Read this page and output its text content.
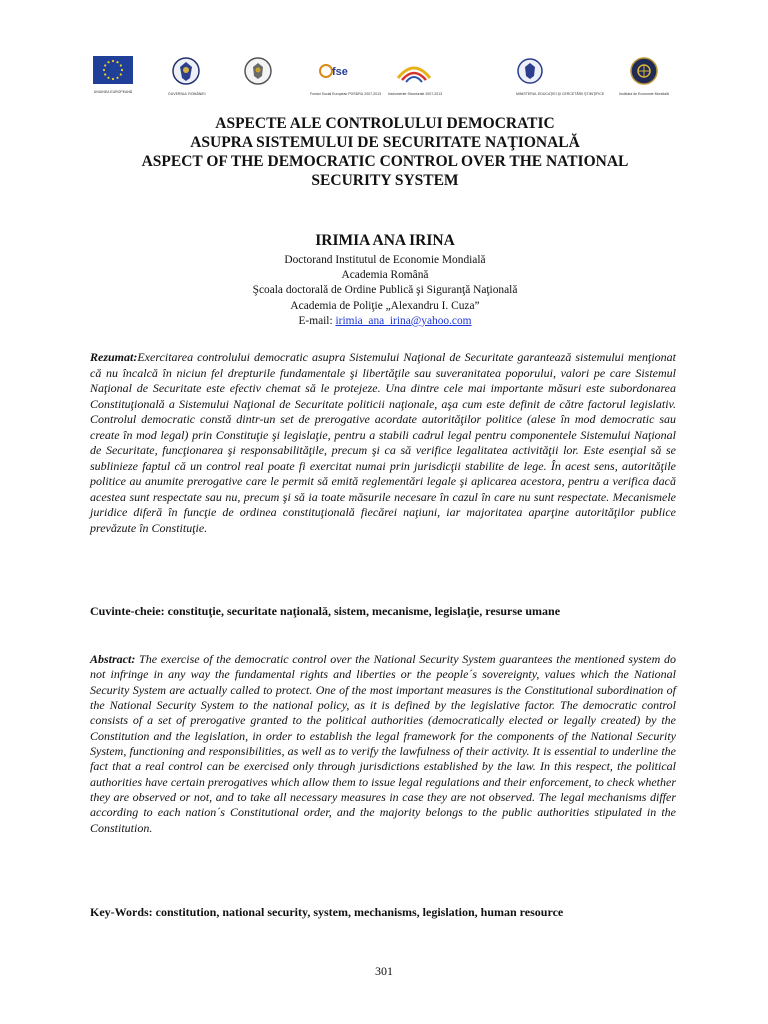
UNIUNEA EUROPEANĂ	GUVERNUL ROMÂNIEI
fse
Fondul Social European POSDRU 2007-2013 Instrumente Structurale 2007-2013	MINISTERUL EDUCAŢIEI ŞI CERCETĂRII ŞTIINŢIFICE	Institutul de Economie Mondială
ASPECTE ALE CONTROLULUI DEMOCRATIC
ASUPRA SISTEMULUI DE SECURITATE NAŢIONALĂ
ASPECT OF THE DEMOCRATIC CONTROL OVER THE NATIONAL
SECURITY SYSTEM
IRIMIA ANA IRINA
Doctorand Institutul de Economie Mondială
Academia Română
Şcoala doctorală de Ordine Publică şi Siguranţă Naţională
Academia de Poliţie „Alexandru I. Cuza”
E-mail: irimia_ana_irina@yahoo.com
Rezumat:Exercitarea controlului democratic asupra Sistemului Naţional de Securitate garantează sistemului menţionat că nu încalcă în niciun fel drepturile fundamentale şi libertăţile sau suveranitatea poporului, valori pe care Sistemul Naţional de Securitate este efectiv chemat să le protejeze. Una dintre cele mai importante măsuri este subordonarea Constituţională a Sistemului Naţional de Securitate politicii naţionale, aşa cum este definit de către factorul legislativ. Controlul democratic constă dintr-un set de prerogative acordate autorităţilor politice (alese în mod democratic sau create în mod legal) prin Constituţie şi legislaţie, pentru a stabili cadrul legal pentru componentele Sistemului Naţional de Securitate, funcţionarea şi responsabilităţile, precum şi ca să verifice legalitatea activităţii lor. Este esenţial să se sublinieze faptul că un control real poate fi exercitat numai prin jurisdicţii stabilite de lege. În acest sens, autorităţile politice au anumite prerogative care le permit să emită reglementări legale şi aplicarea acestora, pentru a verifica dacă acestea sunt respectate sau nu, precum şi să ia toate măsurile necesare în cazul în care nu sunt respectate. Mecanismele juridice diferă în funcţie de ordinea constituţională fiecărei naţiuni, iar majoritatea aparţine autorităţilor publice prevăzute în Constituţie.
Cuvinte-cheie: constituţie, securitate naţională, sistem, mecanisme, legislaţie, resurse umane
Abstract: The exercise of the democratic control over the National Security System guarantees the mentioned system do not infringe in any way the fundamental rights and liberties or the people´s sovereignty, values which the National Security System are actually called to protect. One of the most important measures is the Constitutional subordination of the National Security System to the national policy, as it is defined by the legislative factor. The democratic control consists of a set of prerogative granted to the political authorities (democratically elected or legally created) by the Constitution and the legislation, in order to establish the legal framework for the components of the National Security System, functioning and responsibilities, as well as to verify the lawfulness of their activity. It is essential to underline the fact that a real control can be exercised only through jurisdictions established by the law. In this respect, the political authorities have certain prerogatives which allow them to issue legal regulations and their enforcement, to check whether they are observed or not, and to take all necessary measures in case they are not observed. The legal mechanisms differ according to each nation´s Constitutional order, and the majority belongs to the public authorities stipulated in the Constitution.
Key-Words: constitution, national security, system, mechanisms, legislation, human resource
301
